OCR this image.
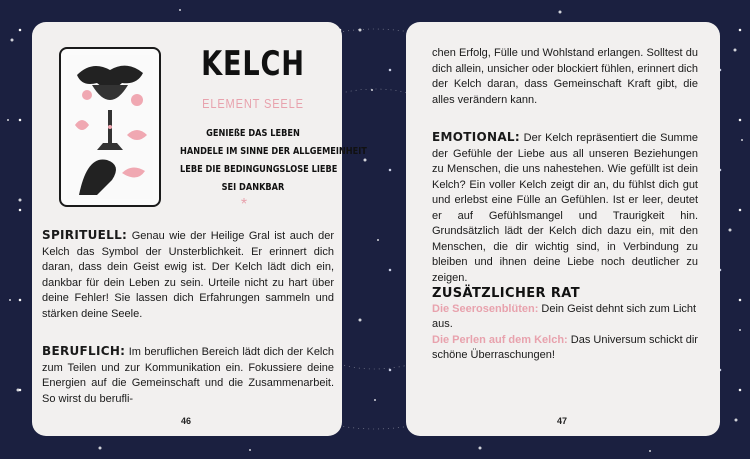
KELCH
ELEMENT SEELE
GENIEßE DAS LEBEN
HANDELE IM SINNE DER ALLGEMEINHEIT
LEBE DIE BEDINGUNGSLOSE LIEBE
SEI DANKBAR
*
SPIRITUELL: Genau wie der Heilige Gral ist auch der Kelch das Symbol der Unsterblichkeit. Er erinnert dich daran, dass dein Geist ewig ist. Der Kelch lädt dich ein, dankbar für dein Leben zu sein. Urteile nicht zu hart über deine Fehler! Sie lassen dich Erfahrungen sammeln und stärken deine Seele.
BERUFLICH: Im beruflichen Bereich lädt dich der Kelch zum Teilen und zur Kommunikation ein. Fokussiere deine Energien auf die Gemeinschaft und die Zusammenarbeit. So wirst du berufli-
46
chen Erfolg, Fülle und Wohlstand erlangen. Solltest du dich allein, unsicher oder blockiert fühlen, erinnert dich der Kelch daran, dass Gemeinschaft Kraft gibt, die alles verändern kann.
EMOTIONAL: Der Kelch repräsentiert die Summe der Gefühle der Liebe aus all unseren Beziehungen zu Menschen, die uns nahestehen. Wie gefüllt ist dein Kelch? Ein voller Kelch zeigt dir an, du fühlst dich gut und erlebst eine Fülle an Gefühlen. Ist er leer, deutet er auf Gefühlsmangel und Traurigkeit hin. Grundsätzlich lädt der Kelch dich dazu ein, mit den Menschen, die dir wichtig sind, in Verbindung zu bleiben und ihnen deine Liebe noch deutlicher zu zeigen.
ZUSÄTZLICHER RAT
Die Seerosenblüten: Dein Geist dehnt sich zum Licht aus.
Die Perlen auf dem Kelch: Das Universum schickt dir schöne Überraschungen!
47
